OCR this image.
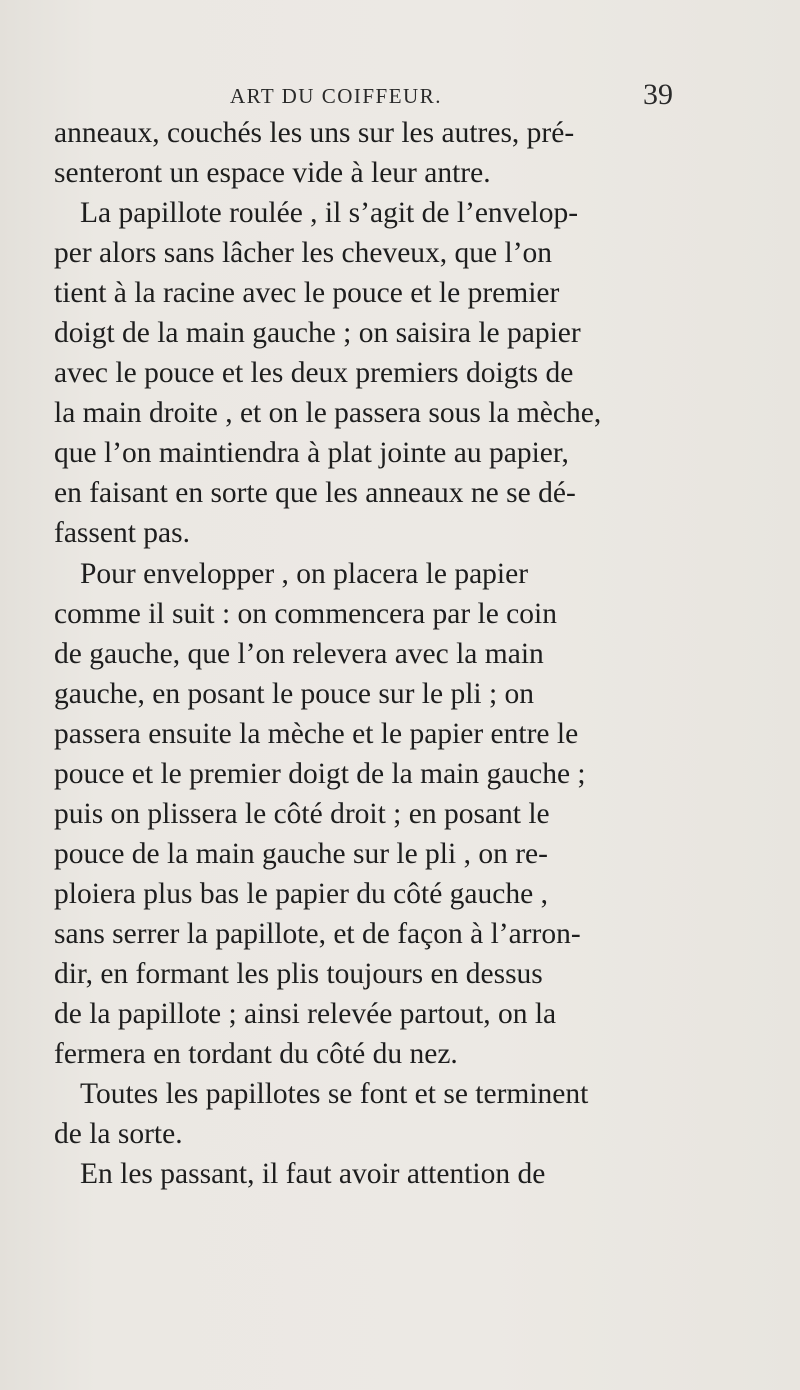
ART DU COIFFEUR.	39
anneaux, couchés les uns sur les autres, pré-
senteront un espace vide à leur antre.
La papillote roulée , il s’agit de l’envelop-
per alors sans lâcher les cheveux, que l’on
tient à la racine avec le pouce et le premier
doigt de la main gauche ; on saisira le papier
avec le pouce et les deux premiers doigts de
la main droite , et on le passera sous la mèche,
que l’on maintiendra à plat jointe au papier,
en faisant en sorte que les anneaux ne se dé-
fassent pas.
Pour envelopper , on placera le papier
comme il suit : on commencera par le coin
de gauche, que l’on relevera avec la main
gauche, en posant le pouce sur le pli ; on
passera ensuite la mèche et le papier entre le
pouce et le premier doigt de la main gauche ;
puis on plissera le côté droit ; en posant le
pouce de la main gauche sur le pli , on re-
ploiera plus bas le papier du côté gauche ,
sans serrer la papillote, et de façon à l’arron-
dir, en formant les plis toujours en dessus
de la papillote ; ainsi relevée partout, on la
fermera en tordant du côté du nez.
Toutes les papillotes se font et se terminent
de la sorte.
En les passant, il faut avoir attention de
